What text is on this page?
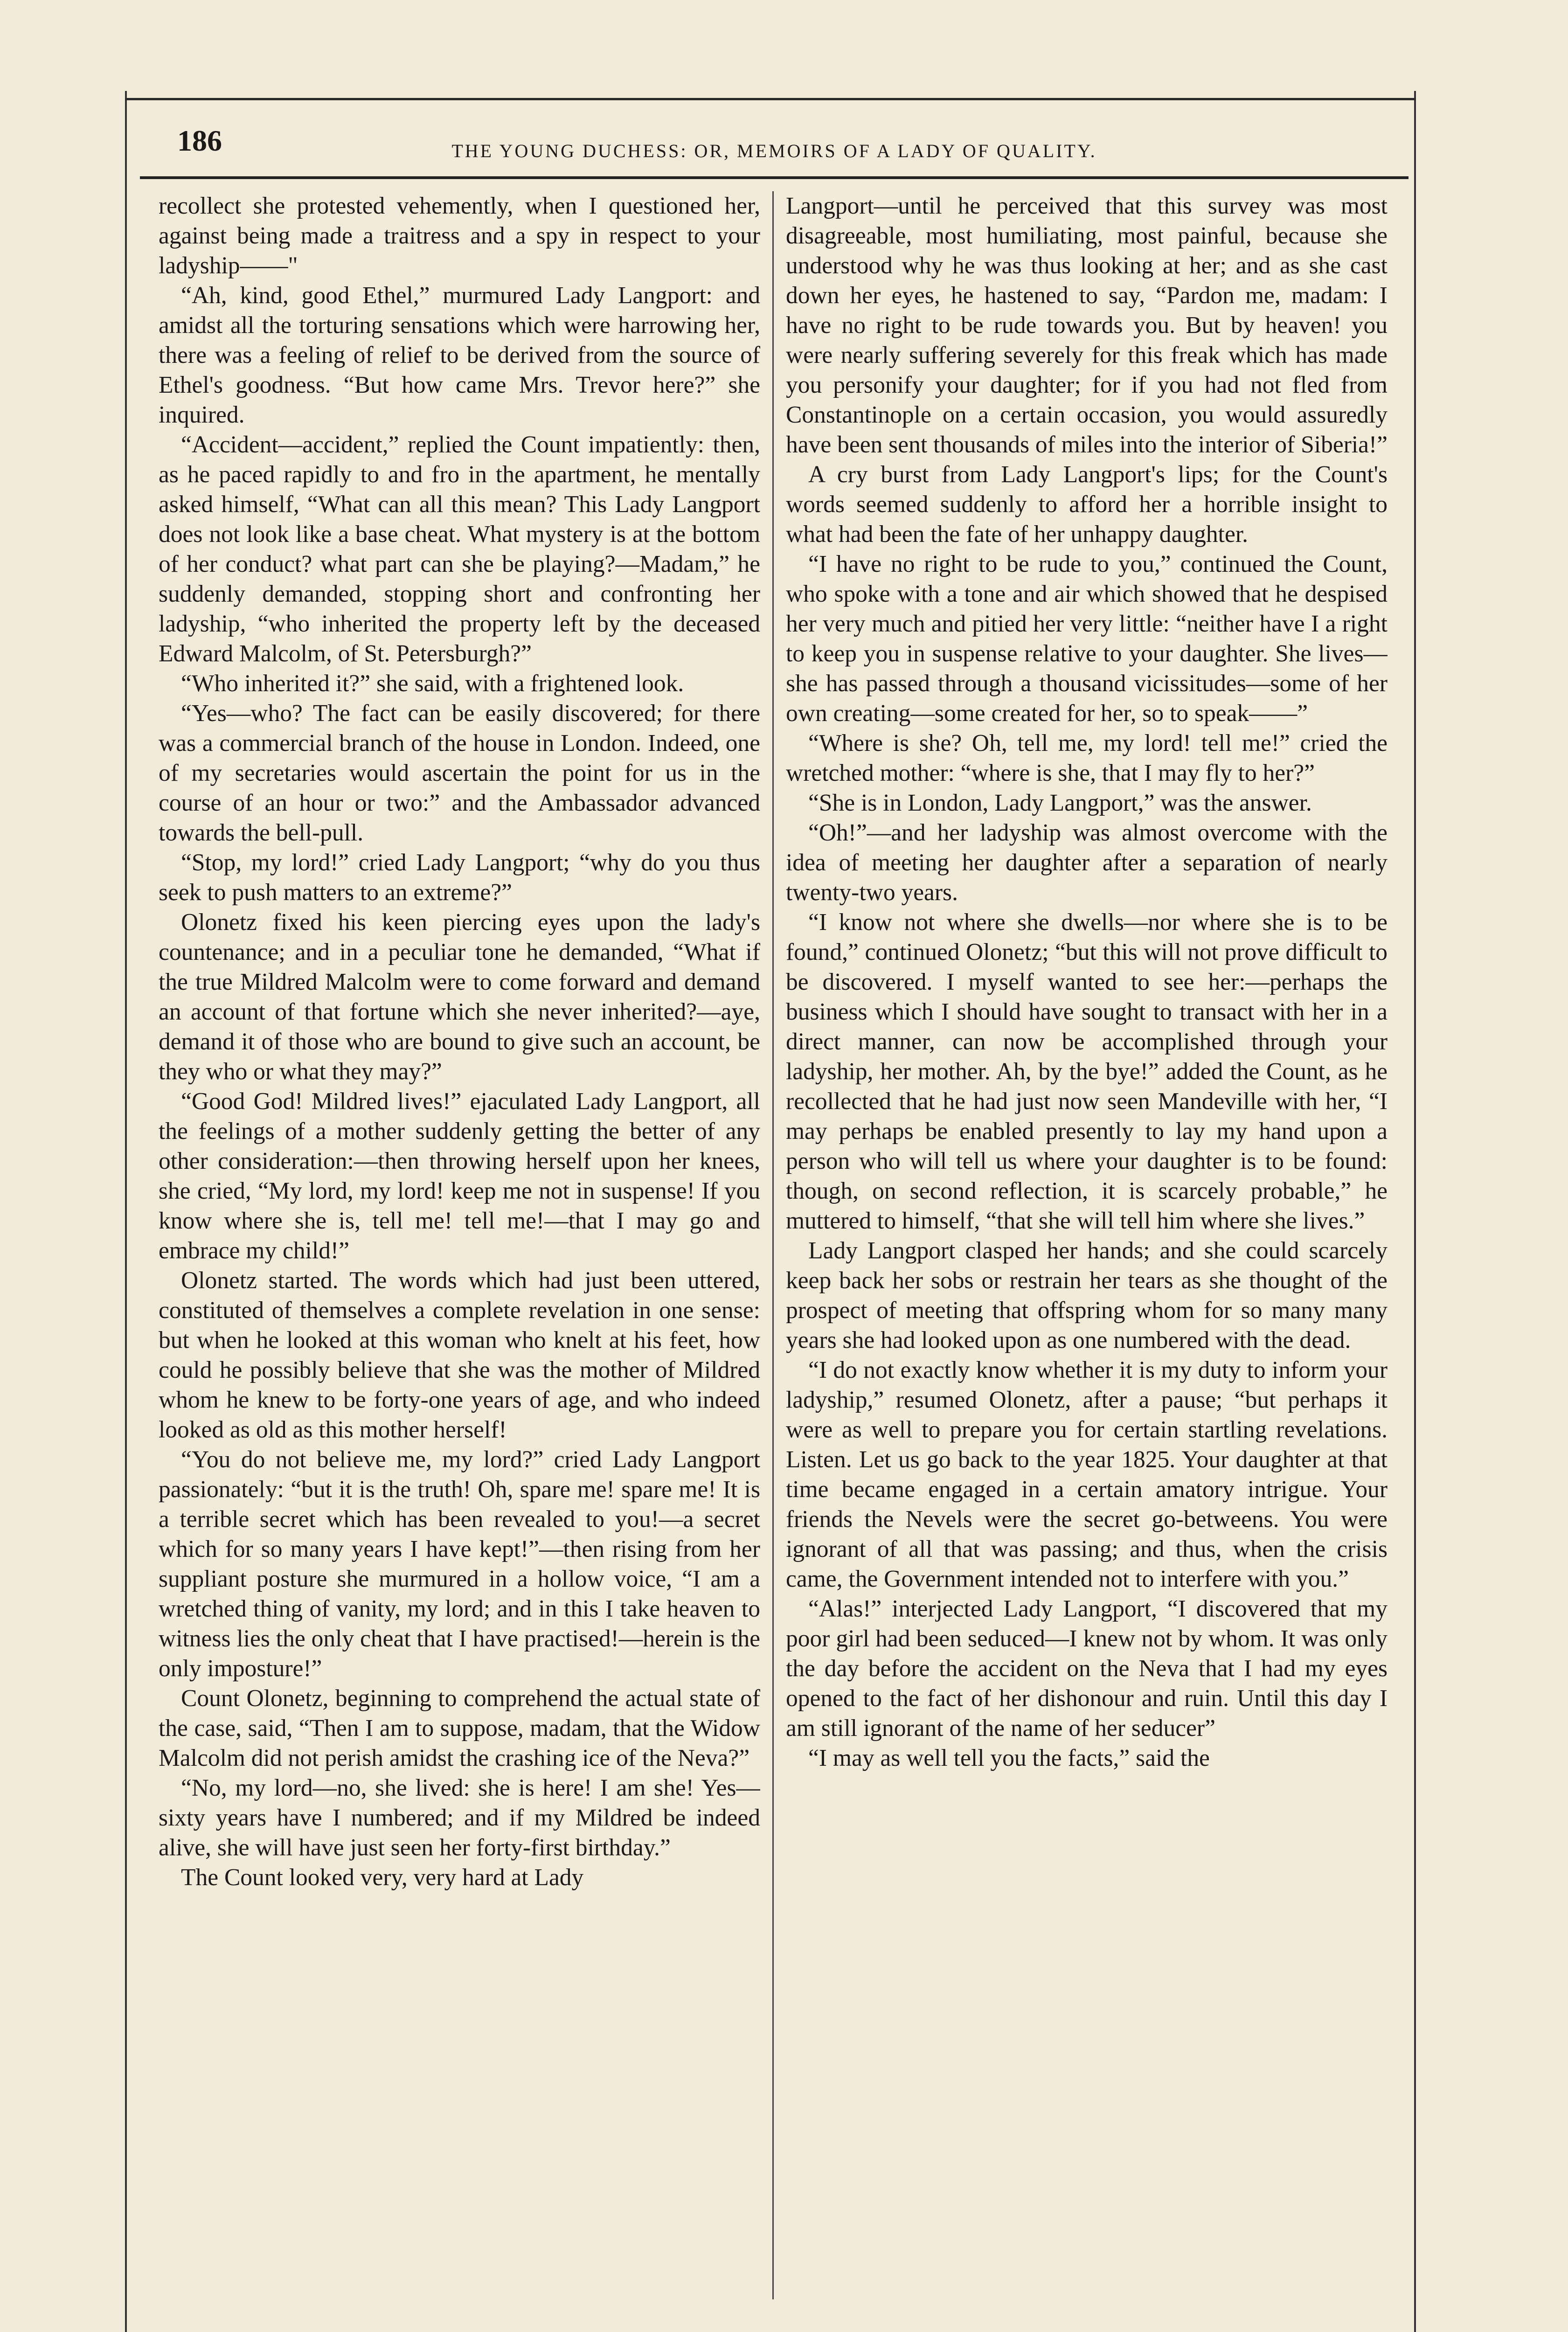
186	THE YOUNG DUCHESS: OR, MEMOIRS OF A LADY OF QUALITY.

recollect she protested vehemently, when I questioned her, against being made a traitress and a spy in respect to your ladyship——"

“Ah, kind, good Ethel,” murmured Lady Langport: and amidst all the torturing sensations which were harrowing her, there was a feeling of relief to be derived from the source of Ethel's goodness. “But how came Mrs. Trevor here?” she inquired.

“Accident—accident,” replied the Count impatiently: then, as he paced rapidly to and fro in the apartment, he mentally asked himself, “What can all this mean? This Lady Langport does not look like a base cheat. What mystery is at the bottom of her conduct? what part can she be playing?—Madam,” he suddenly demanded, stopping short and confronting her ladyship, “who inherited the property left by the deceased Edward Malcolm, of St. Petersburgh?”

“Who inherited it?” she said, with a frightened look.

“Yes—who? The fact can be easily discovered; for there was a commercial branch of the house in London. Indeed, one of my secretaries would ascertain the point for us in the course of an hour or two:” and the Ambassador advanced towards the bell-pull.

“Stop, my lord!” cried Lady Langport; “why do you thus seek to push matters to an extreme?”

Olonetz fixed his keen piercing eyes upon the lady's countenance; and in a peculiar tone he demanded, “What if the true Mildred Malcolm were to come forward and demand an account of that fortune which she never inherited?—aye, demand it of those who are bound to give such an account, be they who or what they may?”

“Good God! Mildred lives!” ejaculated Lady Langport, all the feelings of a mother suddenly getting the better of any other consideration:—then throwing herself upon her knees, she cried, “My lord, my lord! keep me not in suspense! If you know where she is, tell me! tell me!—that I may go and embrace my child!”

Olonetz started. The words which had just been uttered, constituted of themselves a complete revelation in one sense: but when he looked at this woman who knelt at his feet, how could he possibly believe that she was the mother of Mildred whom he knew to be forty-one years of age, and who indeed looked as old as this mother herself!

“You do not believe me, my lord?” cried Lady Langport passionately: “but it is the truth! Oh, spare me! spare me! It is a terrible secret which has been revealed to you!—a secret which for so many years I have kept!”—then rising from her suppliant posture she murmured in a hollow voice, “I am a wretched thing of vanity, my lord; and in this I take heaven to witness lies the only cheat that I have practised!—herein is the only imposture!”

Count Olonetz, beginning to comprehend the actual state of the case, said, “Then I am to suppose, madam, that the Widow Malcolm did not perish amidst the crashing ice of the Neva?”

“No, my lord—no, she lived: she is here! I am she! Yes—sixty years have I numbered; and if my Mildred be indeed alive, she will have just seen her forty-first birthday.”

The Count looked very, very hard at Lady

Langport—until he perceived that this survey was most disagreeable, most humiliating, most painful, because she understood why he was thus looking at her; and as she cast down her eyes, he hastened to say, “Pardon me, madam: I have no right to be rude towards you. But by heaven! you were nearly suffering severely for this freak which has made you personify your daughter; for if you had not fled from Constantinople on a certain occasion, you would assuredly have been sent thousands of miles into the interior of Siberia!”

A cry burst from Lady Langport's lips; for the Count's words seemed suddenly to afford her a horrible insight to what had been the fate of her unhappy daughter.

“I have no right to be rude to you,” continued the Count, who spoke with a tone and air which showed that he despised her very much and pitied her very little: “neither have I a right to keep you in suspense relative to your daughter. She lives—she has passed through a thousand vicissitudes—some of her own creating—some created for her, so to speak——”

“Where is she? Oh, tell me, my lord! tell me!” cried the wretched mother: “where is she, that I may fly to her?”

“She is in London, Lady Langport,” was the answer.

“Oh!”—and her ladyship was almost overcome with the idea of meeting her daughter after a separation of nearly twenty-two years.

“I know not where she dwells—nor where she is to be found,” continued Olonetz; “but this will not prove difficult to be discovered. I myself wanted to see her:—perhaps the business which I should have sought to transact with her in a direct manner, can now be accomplished through your ladyship, her mother. Ah, by the bye!” added the Count, as he recollected that he had just now seen Mandeville with her, “I may perhaps be enabled presently to lay my hand upon a person who will tell us where your daughter is to be found: though, on second reflection, it is scarcely probable,” he muttered to himself, “that she will tell him where she lives.”

Lady Langport clasped her hands; and she could scarcely keep back her sobs or restrain her tears as she thought of the prospect of meeting that offspring whom for so many many years she had looked upon as one numbered with the dead.

“I do not exactly know whether it is my duty to inform your ladyship,” resumed Olonetz, after a pause; “but perhaps it were as well to prepare you for certain startling revelations. Listen. Let us go back to the year 1825. Your daughter at that time became engaged in a certain amatory intrigue. Your friends the Nevels were the secret go-betweens. You were ignorant of all that was passing; and thus, when the crisis came, the Government intended not to interfere with you.”

“Alas!” interjected Lady Langport, “I discovered that my poor girl had been seduced—I knew not by whom. It was only the day before the accident on the Neva that I had my eyes opened to the fact of her dishonour and ruin. Until this day I am still ignorant of the name of her seducer”

“I may as well tell you the facts,” said the
